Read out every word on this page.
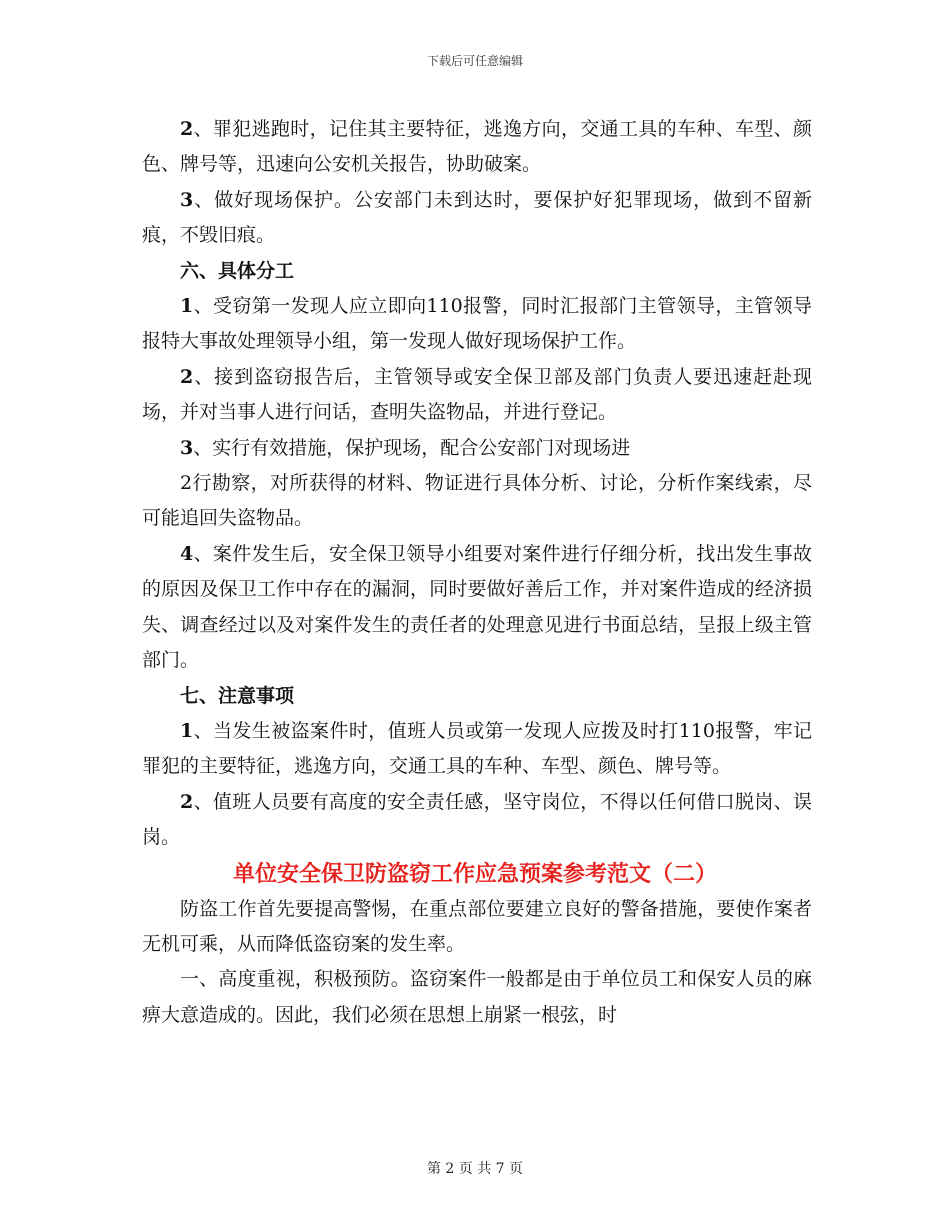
下载后可任意编辑

2、罪犯逃跑时，记住其主要特征，逃逸方向，交通工具的车种、车型、颜色、牌号等，迅速向公安机关报告，协助破案。

3、做好现场保护。公安部门未到达时，要保护好犯罪现场，做到不留新痕，不毁旧痕。

六、具体分工

1、受窃第一发现人应立即向110报警，同时汇报部门主管领导，主管领导报特大事故处理领导小组，第一发现人做好现场保护工作。

2、接到盗窃报告后，主管领导或安全保卫部及部门负责人要迅速赶赴现场，并对当事人进行问话，查明失盗物品，并进行登记。

3、实行有效措施，保护现场，配合公安部门对现场进

2行勘察，对所获得的材料、物证进行具体分析、讨论，分析作案线索，尽可能追回失盗物品。

4、案件发生后，安全保卫领导小组要对案件进行仔细分析，找出发生事故的原因及保卫工作中存在的漏洞，同时要做好善后工作，并对案件造成的经济损失、调查经过以及对案件发生的责任者的处理意见进行书面总结，呈报上级主管部门。

七、注意事项

1、当发生被盗案件时，值班人员或第一发现人应拨及时打110报警，牢记罪犯的主要特征，逃逸方向，交通工具的车种、车型、颜色、牌号等。

2、值班人员要有高度的安全责任感，坚守岗位，不得以任何借口脱岗、误岗。

单位安全保卫防盗窃工作应急预案参考范文（二）

防盗工作首先要提高警惕，在重点部位要建立良好的警备措施，要使作案者无机可乘，从而降低盗窃案的发生率。

一、高度重视，积极预防。盗窃案件一般都是由于单位员工和保安人员的麻痹大意造成的。因此，我们必须在思想上崩紧一根弦，时

第 2 页 共 7 页
